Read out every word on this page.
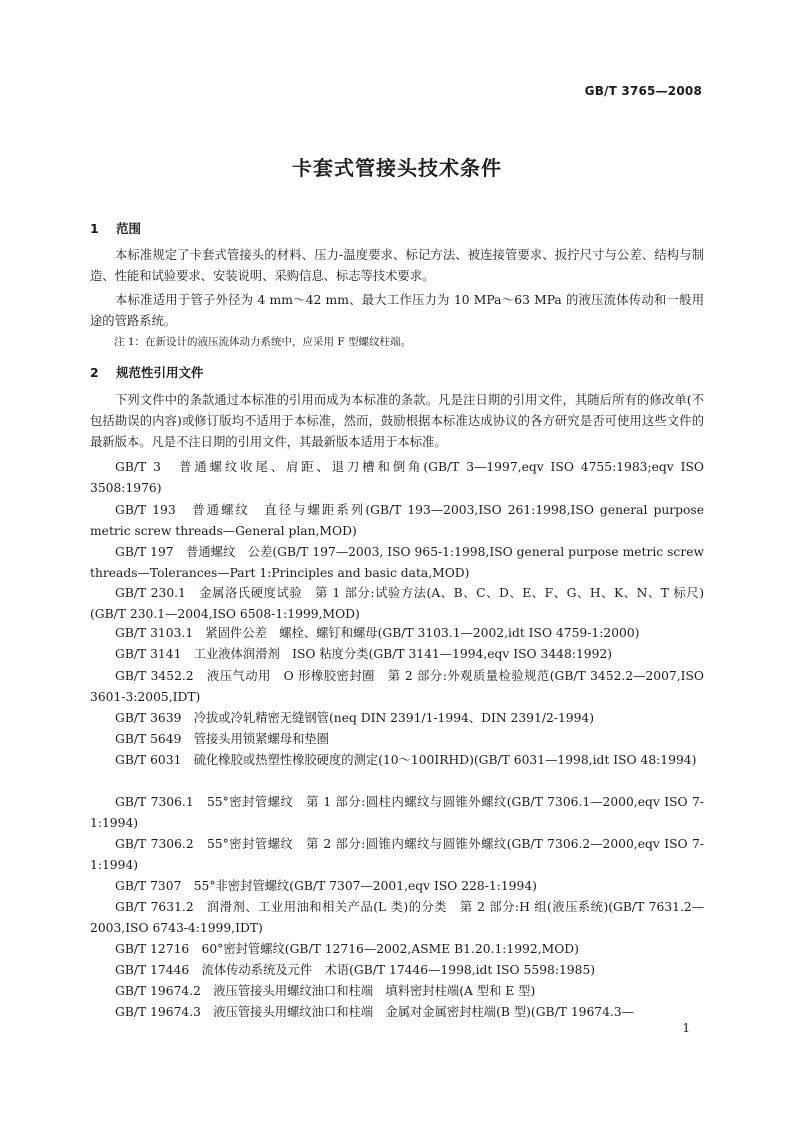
GB/T 3765—2008
卡套式管接头技术条件
1 范围
本标准规定了卡套式管接头的材料、压力-温度要求、标记方法、被连接管要求、扳拧尺寸与公差、结构与制造、性能和试验要求、安装说明、采购信息、标志等技术要求。
本标准适用于管子外径为 4 mm～42 mm、最大工作压力为 10 MPa～63 MPa 的液压流体传动和一般用途的管路系统。
注 1：在新设计的液压流体动力系统中，应采用 F 型螺纹柱端。
2 规范性引用文件
下列文件中的条款通过本标准的引用而成为本标准的条款。凡是注日期的引用文件，其随后所有的修改单(不包括勘误的内容)或修订版均不适用于本标准，然而，鼓励根据本标准达成协议的各方研究是否可使用这些文件的最新版本。凡是不注日期的引用文件，其最新版本适用于本标准。
GB/T 3　普通螺纹收尾、肩距、退刀槽和倒角(GB/T 3—1997,eqv ISO 4755:1983;eqv ISO 3508:1976)
GB/T 193　普通螺纹　直径与螺距系列(GB/T 193—2003,ISO 261:1998,ISO general purpose metric screw threads—General plan,MOD)
GB/T 197　普通螺纹　公差(GB/T 197—2003, ISO 965-1:1998,ISO general purpose metric screw threads—Tolerances—Part 1:Principles and basic data,MOD)
GB/T 230.1　金属洛氏硬度试验　第 1 部分:试验方法(A、B、C、D、E、F、G、H、K、N、T 标尺)(GB/T 230.1—2004,ISO 6508-1:1999,MOD)
GB/T 3103.1　紧固件公差　螺栓、螺钉和螺母(GB/T 3103.1—2002,idt ISO 4759-1:2000)
GB/T 3141　工业液体润滑剂　ISO 粘度分类(GB/T 3141—1994,eqv ISO 3448:1992)
GB/T 3452.2　液压气动用　O 形橡胶密封圈　第 2 部分:外观质量检验规范(GB/T 3452.2—2007,ISO 3601-3:2005,IDT)
GB/T 3639　冷拔或冷轧精密无缝钢管(neq DIN 2391/1-1994、DIN 2391/2-1994)
GB/T 5649　管接头用锁紧螺母和垫圈
GB/T 6031　硫化橡胶或热塑性橡胶硬度的测定(10～100IRHD)(GB/T 6031—1998,idt ISO 48:1994)
GB/T 7306.1　55°密封管螺纹　第 1 部分:圆柱内螺纹与圆锥外螺纹(GB/T 7306.1—2000,eqv ISO 7-1:1994)
GB/T 7306.2　55°密封管螺纹　第 2 部分:圆锥内螺纹与圆锥外螺纹(GB/T 7306.2—2000,eqv ISO 7-1:1994)
GB/T 7307　55°非密封管螺纹(GB/T 7307—2001,eqv ISO 228-1:1994)
GB/T 7631.2　润滑剂、工业用油和相关产品(L 类)的分类　第 2 部分:H 组(液压系统)(GB/T 7631.2—2003,ISO 6743-4:1999,IDT)
GB/T 12716　60°密封管螺纹(GB/T 12716—2002,ASME B1.20.1:1992,MOD)
GB/T 17446　流体传动系统及元件　术语(GB/T 17446—1998,idt ISO 5598:1985)
GB/T 19674.2　液压管接头用螺纹油口和柱端　填料密封柱端(A 型和 E 型)
GB/T 19674.3　液压管接头用螺纹油口和柱端　金属对金属密封柱端(B 型)(GB/T 19674.3—
1
